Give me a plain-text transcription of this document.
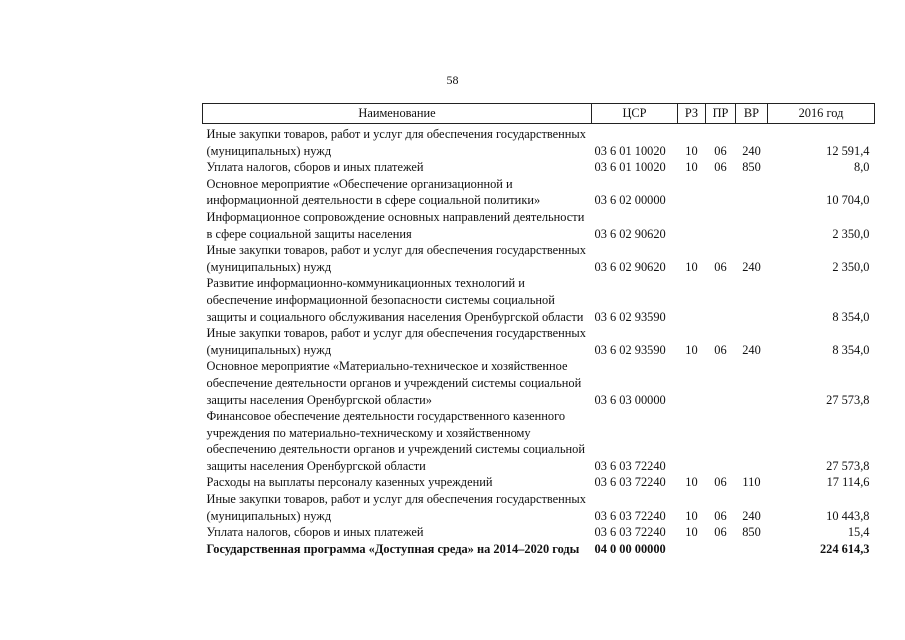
58
Наименование	ЦСР	РЗ	ПР	ВР	2016 год
Иные закупки товаров, работ и услуг для обеспечения государственных (муниципальных) нужд	03 6 01 10020	10	06	240	12 591,4
Уплата налогов, сборов и иных платежей	03 6 01 10020	10	06	850	8,0
Основное мероприятие «Обеспечение организационной и информационной деятельности в сфере социальной политики»	03 6 02 00000				10 704,0
Информационное сопровождение основных направлений деятельности в сфере социальной защиты населения	03 6 02 90620				2 350,0
Иные закупки товаров, работ и услуг для обеспечения государственных (муниципальных) нужд	03 6 02 90620	10	06	240	2 350,0
Развитие информационно-коммуникационных технологий и обеспечение информационной безопасности системы социальной защиты и социального обслуживания населения Оренбургской области	03 6 02 93590				8 354,0
Иные закупки товаров, работ и услуг для обеспечения государственных (муниципальных) нужд	03 6 02 93590	10	06	240	8 354,0
Основное мероприятие «Материально-техническое и хозяйственное обеспечение деятельности органов и учреждений системы социальной защиты населения Оренбургской области»	03 6 03 00000				27 573,8
Финансовое обеспечение деятельности государственного казенного учреждения по материально-техническому и хозяйственному обеспечению деятельности органов и учреждений системы социальной защиты населения Оренбургской области	03 6 03 72240				27 573,8
Расходы на выплаты персоналу казенных учреждений	03 6 03 72240	10	06	110	17 114,6
Иные закупки товаров, работ и услуг для обеспечения государственных (муниципальных) нужд	03 6 03 72240	10	06	240	10 443,8
Уплата налогов, сборов и иных платежей	03 6 03 72240	10	06	850	15,4
Государственная программа «Доступная среда» на 2014–2020 годы	04 0 00 00000				224 614,3
